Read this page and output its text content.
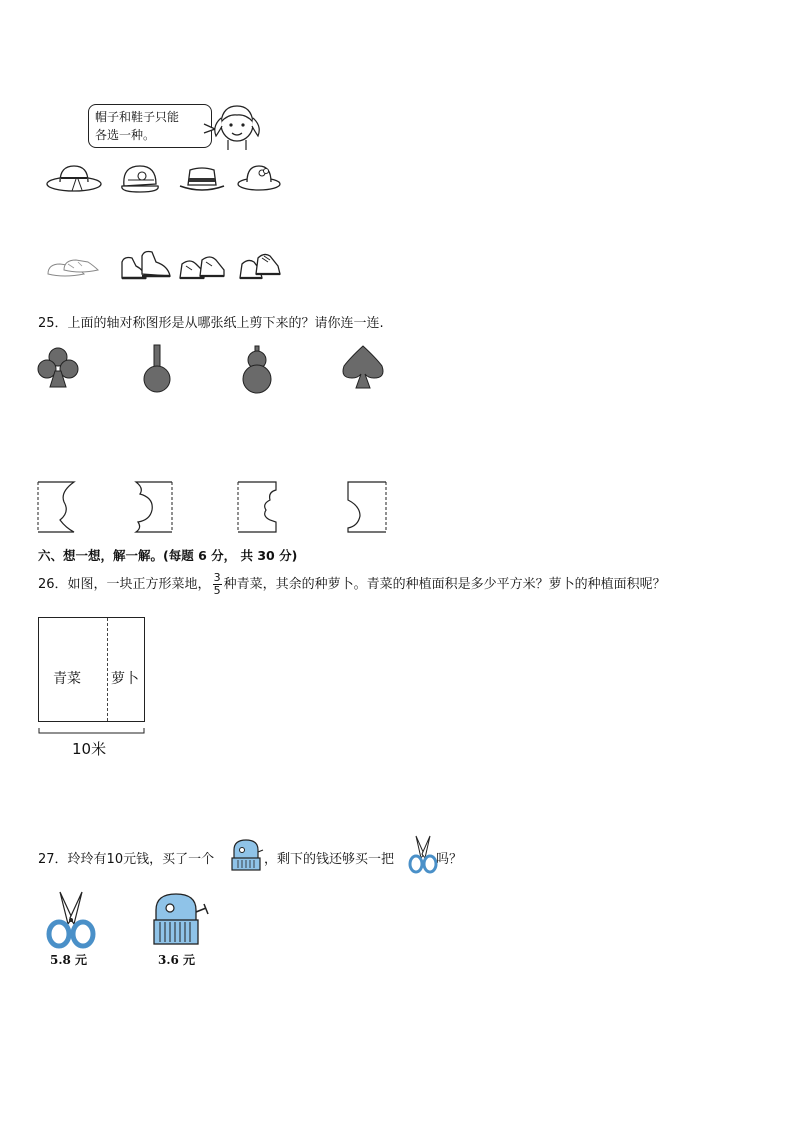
帽子和鞋子只能
各选一种。
25．上面的轴对称图形是从哪张纸上剪下来的？请你连一连.
六、想一想，解一解。(每题 6 分， 共 30 分)
26．如图，一块正方形菜地， $\frac{3}{5}$ 种青菜，其余的种萝卜。青菜的种植面积是多少平方米？萝卜的种植面积呢？
青菜 萝卜
10米
27．玲玲有10元钱，买了一个	，剩下的钱还够买一把	吗？
5.8 元	3.6 元
